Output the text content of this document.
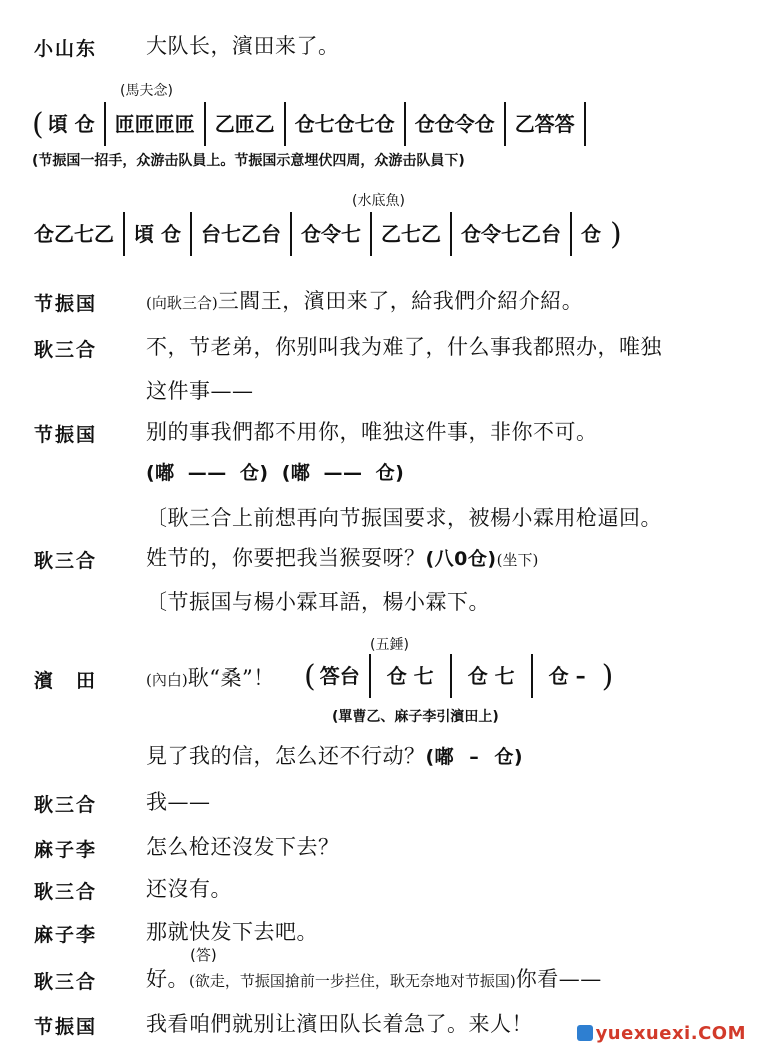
小山东 大队长，濱田来了。
(馬夫念)
( 頃 仓	匝匝匝匝	乙匝乙	仓七仓七仓	仓仓令仓	乙答答
(节振国一招手，众游击队員上。节振国示意埋伏四周，众游击队員下)
(水底魚)
仓乙七乙	頃 仓	台七乙台	仓令七	乙七乙	仓令七乙台	仓 )
节振国	(向耿三合)三閻王，濱田来了，給我們介紹介紹。
耿三合 不，节老弟，你别叫我为难了，什么事我都照办，唯独
这件事——
节振国 别的事我們都不用你，唯独这件事，非你不可。
(嘟 —— 仓) (嘟 —— 仓)
〔耿三合上前想再向节振国要求，被楊小霖用枪逼回。
耿三合 姓节的，你要把我当猴耍呀？(八0仓)(坐下)
〔节振国与楊小霖耳語，楊小霖下。
(五錘)
濱　田	(內白)耿“桑”！ ( 答台	仓 七	仓 七	仓 – )
(單曹乙、麻子李引濱田上)
見了我的信，怎么还不行动？(嘟 – 仓)
耿三合 我——
麻子李 怎么枪还沒发下去？
耿三合 还沒有。
麻子李 那就快发下去吧。
(答)
耿三合 好。(欲走，节振国搶前一步拦住，耿无奈地对节振国)你看——
节振国 我看咱們就别让濱田队长着急了。来人！	yuexuexi.COM
